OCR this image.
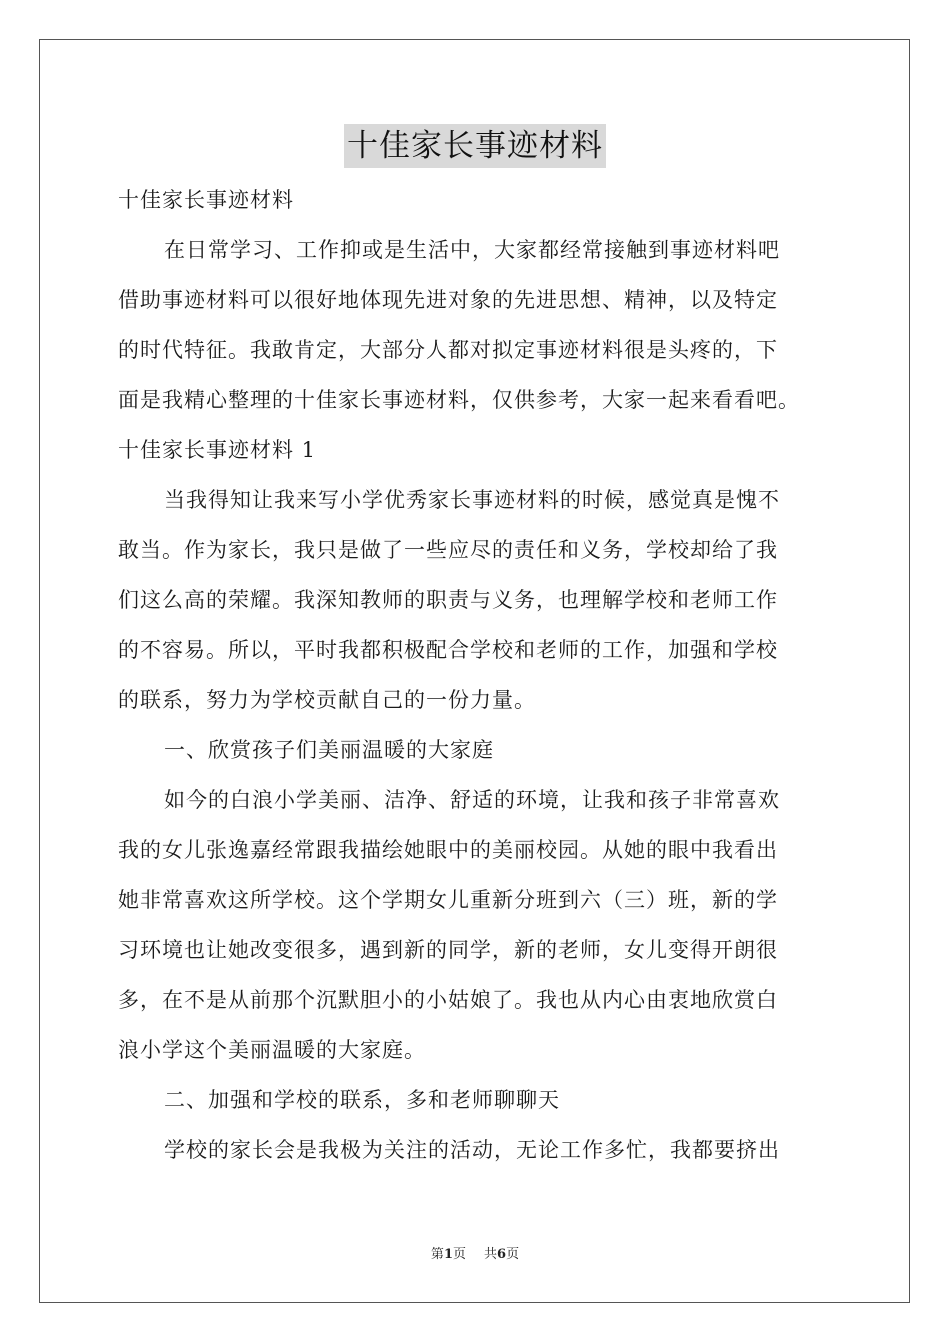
十佳家长事迹材料
十佳家长事迹材料
在日常学习、工作抑或是生活中，大家都经常接触到事迹材料吧
借助事迹材料可以很好地体现先进对象的先进思想、精神，以及特定
的时代特征。我敢肯定，大部分人都对拟定事迹材料很是头疼的，下
面是我精心整理的十佳家长事迹材料，仅供参考，大家一起来看看吧。
十佳家长事迹材料 1
当我得知让我来写小学优秀家长事迹材料的时候，感觉真是愧不
敢当。作为家长，我只是做了一些应尽的责任和义务，学校却给了我
们这么高的荣耀。我深知教师的职责与义务，也理解学校和老师工作
的不容易。所以，平时我都积极配合学校和老师的工作，加强和学校
的联系，努力为学校贡献自己的一份力量。
一、欣赏孩子们美丽温暖的大家庭
如今的白浪小学美丽、洁净、舒适的环境，让我和孩子非常喜欢
我的女儿张逸嘉经常跟我描绘她眼中的美丽校园。从她的眼中我看出
她非常喜欢这所学校。这个学期女儿重新分班到六（三）班，新的学
习环境也让她改变很多，遇到新的同学，新的老师，女儿变得开朗很
多，在不是从前那个沉默胆小的小姑娘了。我也从内心由衷地欣赏白
浪小学这个美丽温暖的大家庭。
二、加强和学校的联系，多和老师聊聊天
学校的家长会是我极为关注的活动，无论工作多忙，我都要挤出
第1页 共6页
